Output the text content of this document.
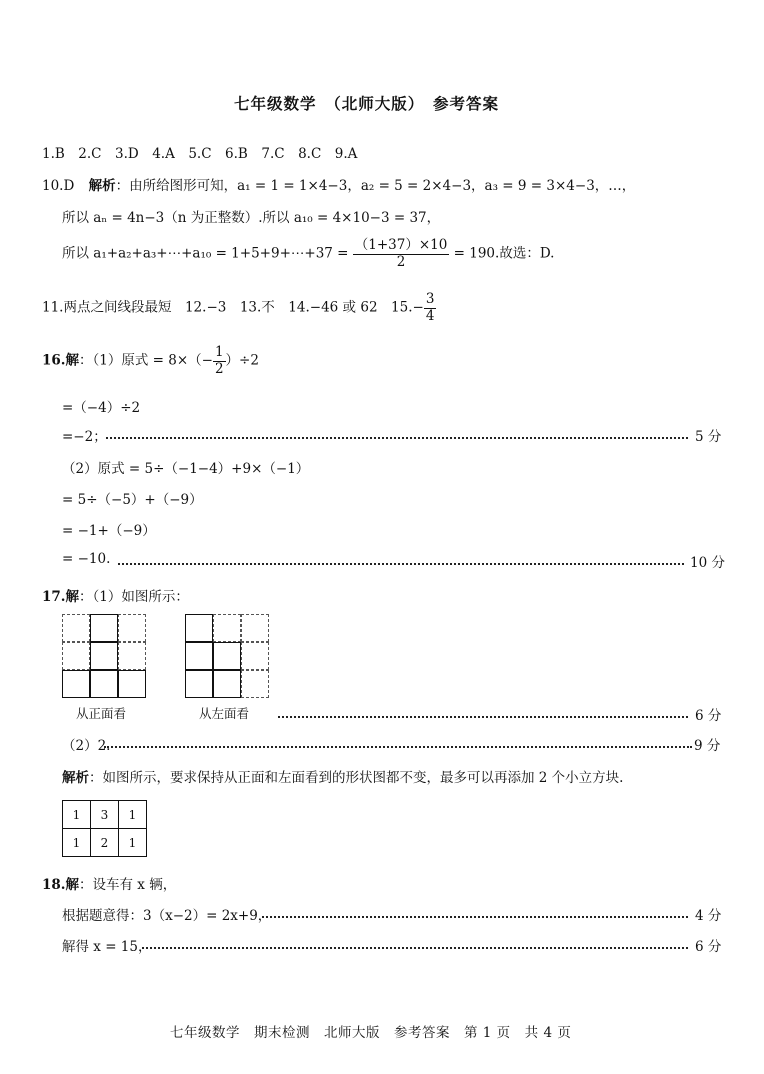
七年级数学　（北师大版）　参考答案
1.B　2.C　3.D　4.A　5.C　6.B　7.C　8.C　9.A
10.D 解析：由所给图形可知，a₁ = 1 = 1×4−3，a₂ = 5 = 2×4−3，a₃ = 9 = 3×4−3，…，
所以 aₙ = 4n−3（n 为正整数）.所以 a₁₀ = 4×10−3 = 37，
所以 a₁+a₂+a₃+⋯+a₁₀ = 1+5+9+⋯+37 = $\frac{(1+37)\times 10}{2} = 190$.故选：D.
11.两点之间线段最短　12.−3　13.不　14.−46 或 62　$15.- \frac{3}{4}$
16.解：（1）原式 = $8\times(- \frac{1}{2} )\div 2$
=（−4）÷2
=−2；	5 分
（2）原式 = 5÷（−1−4）+9×（−1）
= 5÷（−5）+（−9）
= −1+（−9）
= −10.	10 分
17.解：（1）如图所示：
从正面看	从左面看	6 分
（2）2.	9 分
解析：如图所示，要求保持从正面和左面看到的形状图都不变，最多可以再添加 2 个小立方块.
1	3	1
1	2	1
18.解：设车有 x 辆，
根据题意得：3（x−2）= 2x+9，	4 分
解得 x = 15，	6 分
七年级数学　期末检测　北师大版　参考答案　第 1 页　共 4 页
